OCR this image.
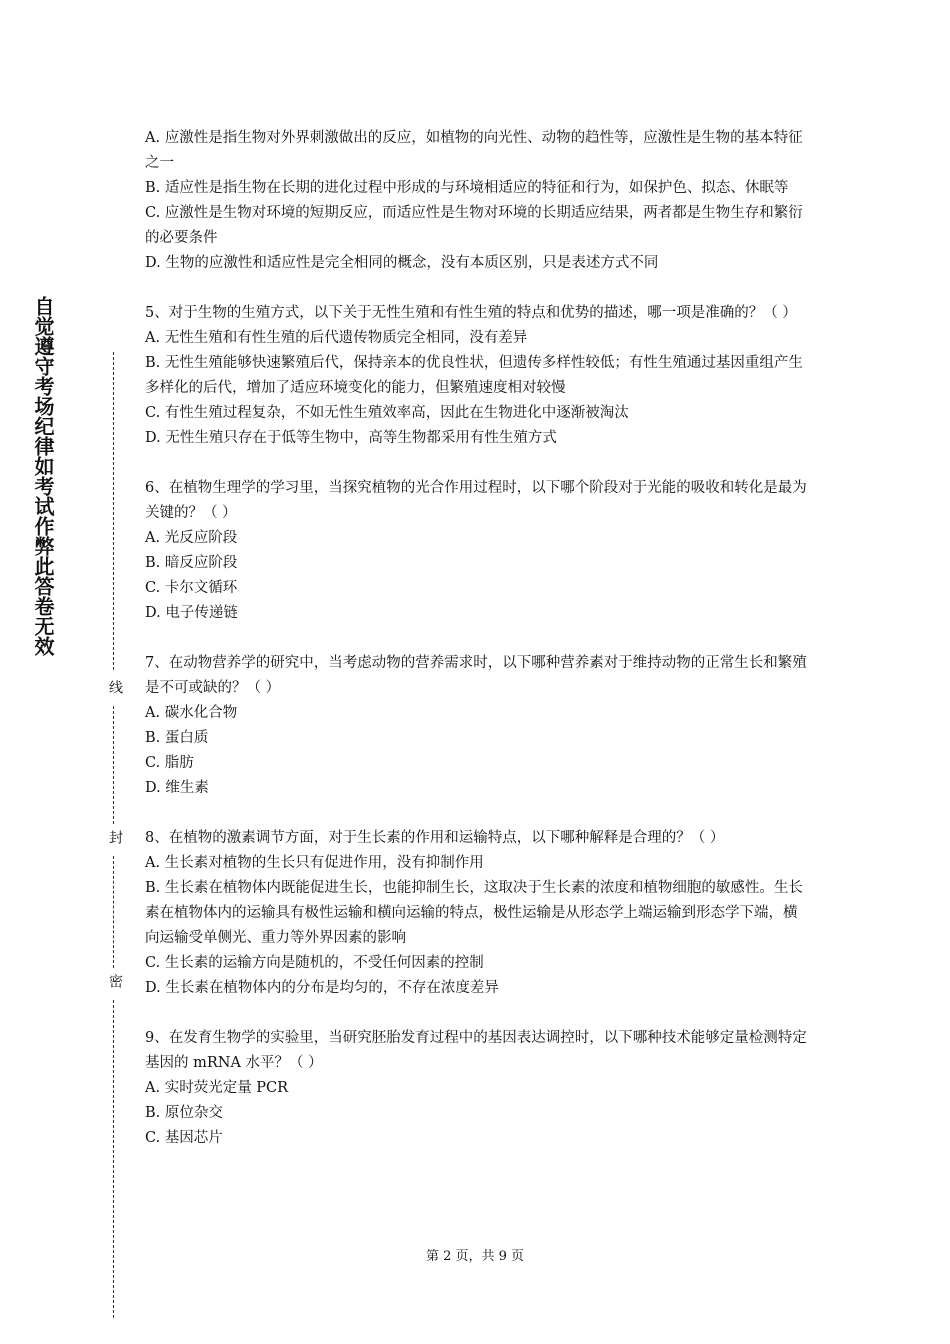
自觉遵守考场纪律如考试作弊此答卷无效
线
封
密

A. 应激性是指生物对外界刺激做出的反应，如植物的向光性、动物的趋性等，应激性是生物的基本特征之一

B. 适应性是指生物在长期的进化过程中形成的与环境相适应的特征和行为，如保护色、拟态、休眠等

C. 应激性是生物对环境的短期反应，而适应性是生物对环境的长期适应结果，两者都是生物生存和繁衍的必要条件

D. 生物的应激性和适应性是完全相同的概念，没有本质区别，只是表述方式不同

5、对于生物的生殖方式，以下关于无性生殖和有性生殖的特点和优势的描述，哪一项是准确的？（ ）

A. 无性生殖和有性生殖的后代遗传物质完全相同，没有差异

B. 无性生殖能够快速繁殖后代，保持亲本的优良性状，但遗传多样性较低；有性生殖通过基因重组产生多样化的后代，增加了适应环境变化的能力，但繁殖速度相对较慢

C. 有性生殖过程复杂，不如无性生殖效率高，因此在生物进化中逐渐被淘汰

D. 无性生殖只存在于低等生物中，高等生物都采用有性生殖方式

6、在植物生理学的学习里，当探究植物的光合作用过程时，以下哪个阶段对于光能的吸收和转化是最为关键的？（ ）

A. 光反应阶段

B. 暗反应阶段

C. 卡尔文循环

D. 电子传递链

7、在动物营养学的研究中，当考虑动物的营养需求时，以下哪种营养素对于维持动物的正常生长和繁殖是不可或缺的？（ ）

A. 碳水化合物

B. 蛋白质

C. 脂肪

D. 维生素

8、在植物的激素调节方面，对于生长素的作用和运输特点，以下哪种解释是合理的？（ ）

A. 生长素对植物的生长只有促进作用，没有抑制作用

B. 生长素在植物体内既能促进生长，也能抑制生长，这取决于生长素的浓度和植物细胞的敏感性。生长素在植物体内的运输具有极性运输和横向运输的特点，极性运输是从形态学上端运输到形态学下端，横向运输受单侧光、重力等外界因素的影响

C. 生长素的运输方向是随机的，不受任何因素的控制

D. 生长素在植物体内的分布是均匀的，不存在浓度差异

9、在发育生物学的实验里，当研究胚胎发育过程中的基因表达调控时，以下哪种技术能够定量检测特定基因的 mRNA 水平？（ ）

A. 实时荧光定量 PCR

B. 原位杂交

C. 基因芯片

第 2 页，共 9 页
